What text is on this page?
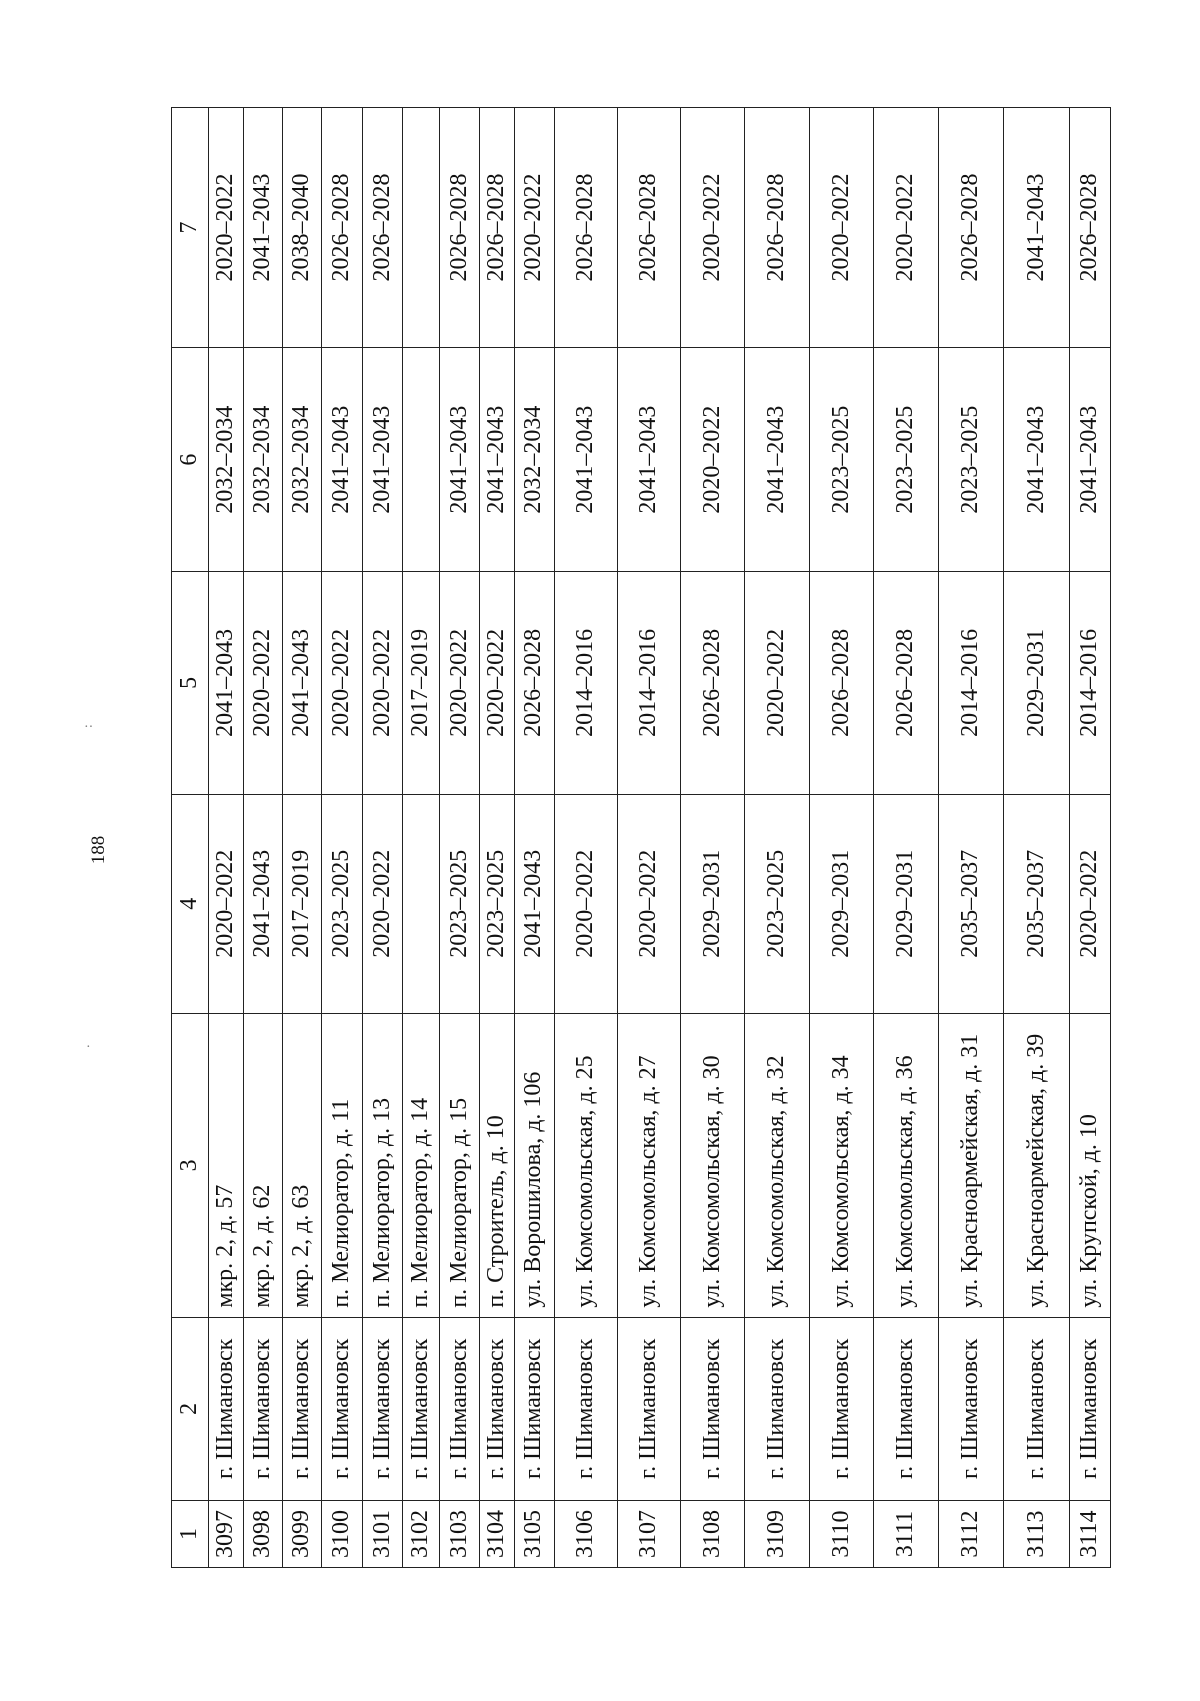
188
··
·
1	2	3	4	5	6	7
3097	г. Шимановск	мкр. 2, д. 57	2020–2022	2041–2043	2032–2034	2020–2022
3098	г. Шимановск	мкр. 2, д. 62	2041–2043	2020–2022	2032–2034	2041–2043
3099	г. Шимановск	мкр. 2, д. 63	2017–2019	2041–2043	2032–2034	2038–2040
3100	г. Шимановск	п. Мелиоратор, д. 11	2023–2025	2020–2022	2041–2043	2026–2028
3101	г. Шимановск	п. Мелиоратор, д. 13	2020–2022	2020–2022	2041–2043	2026–2028
3102	г. Шимановск	п. Мелиоратор, д. 14		2017–2019		
3103	г. Шимановск	п. Мелиоратор, д. 15	2023–2025	2020–2022	2041–2043	2026–2028
3104	г. Шимановск	п. Строитель, д. 10	2023–2025	2020–2022	2041–2043	2026–2028
3105	г. Шимановск	ул. Ворошилова, д. 106	2041–2043	2026–2028	2032–2034	2020–2022
3106	г. Шимановск	ул. Комсомольская, д. 25	2020–2022	2014–2016	2041–2043	2026–2028
3107	г. Шимановск	ул. Комсомольская, д. 27	2020–2022	2014–2016	2041–2043	2026–2028
3108	г. Шимановск	ул. Комсомольская, д. 30	2029–2031	2026–2028	2020–2022	2020–2022
3109	г. Шимановск	ул. Комсомольская, д. 32	2023–2025	2020–2022	2041–2043	2026–2028
3110	г. Шимановск	ул. Комсомольская, д. 34	2029–2031	2026–2028	2023–2025	2020–2022
3111	г. Шимановск	ул. Комсомольская, д. 36	2029–2031	2026–2028	2023–2025	2020–2022
3112	г. Шимановск	ул. Красноармейская, д. 31	2035–2037	2014–2016	2023–2025	2026–2028
3113	г. Шимановск	ул. Красноармейская, д. 39	2035–2037	2029–2031	2041–2043	2041–2043
3114	г. Шимановск	ул. Крупской, д. 10	2020–2022	2014–2016	2041–2043	2026–2028
